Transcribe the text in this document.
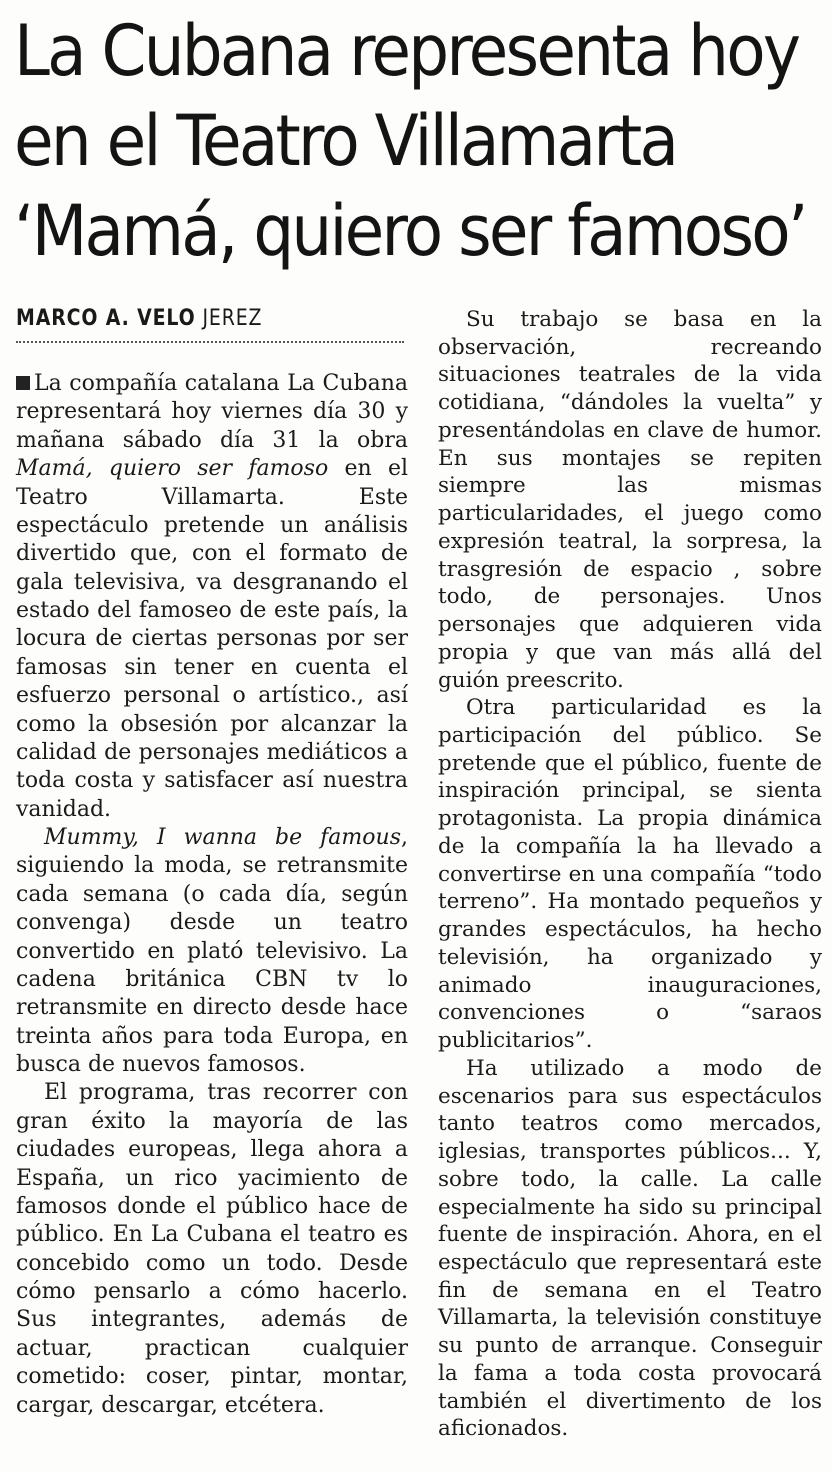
La Cubana representa hoy
en el Teatro Villamarta
‘Mamá, quiero ser famoso’
MARCO A. VELO JEREZ

La compañía catalana La Cubana representará hoy viernes día 30 y mañana sábado día 31 la obra Mamá, quiero ser famoso en el Teatro Villamarta. Este espectáculo pretende un análisis divertido que, con el formato de gala televisiva, va desgranando el estado del famoseo de este país, la locura de ciertas personas por ser famosas sin tener en cuenta el esfuerzo personal o artístico., así como la obsesión por alcanzar la calidad de personajes mediáticos a toda costa y satisfacer así nuestra vanidad.

Mummy, I wanna be famous, siguiendo la moda, se retransmite cada semana (o cada día, según convenga) desde un teatro convertido en plató televisivo. La cadena británica CBN tv lo retransmite en directo desde hace treinta años para toda Europa, en busca de nuevos famosos.

El programa, tras recorrer con gran éxito la mayoría de las ciudades europeas, llega ahora a España, un rico yacimiento de famosos donde el público hace de público. En La Cubana el teatro es concebido como un todo. Desde cómo pensarlo a cómo hacerlo. Sus integrantes, además de actuar, practican cualquier cometido: coser, pintar, montar, cargar, descargar, etcétera.

Su trabajo se basa en la observación, recreando situaciones teatrales de la vida cotidiana, “dándoles la vuelta” y presentándolas en clave de humor. En sus montajes se repiten siempre las mismas particularidades, el juego como expresión teatral, la sorpresa, la trasgresión de espacio , sobre todo, de personajes. Unos personajes que adquieren vida propia y que van más allá del guión preescrito.

Otra particularidad es la participación del público. Se pretende que el público, fuente de inspiración principal, se sienta protagonista. La propia dinámica de la compañía la ha llevado a convertirse en una compañía “todo terreno”. Ha montado pequeños y grandes espectáculos, ha hecho televisión, ha organizado y animado inauguraciones, convenciones o “saraos publicitarios”.

Ha utilizado a modo de escenarios para sus espectáculos tanto teatros como mercados, iglesias, transportes públicos... Y, sobre todo, la calle. La calle especialmente ha sido su principal fuente de inspiración. Ahora, en el espectáculo que representará este fin de semana en el Teatro Villamarta, la televisión constituye su punto de arranque. Conseguir la fama a toda costa provocará también el divertimento de los aficionados.
